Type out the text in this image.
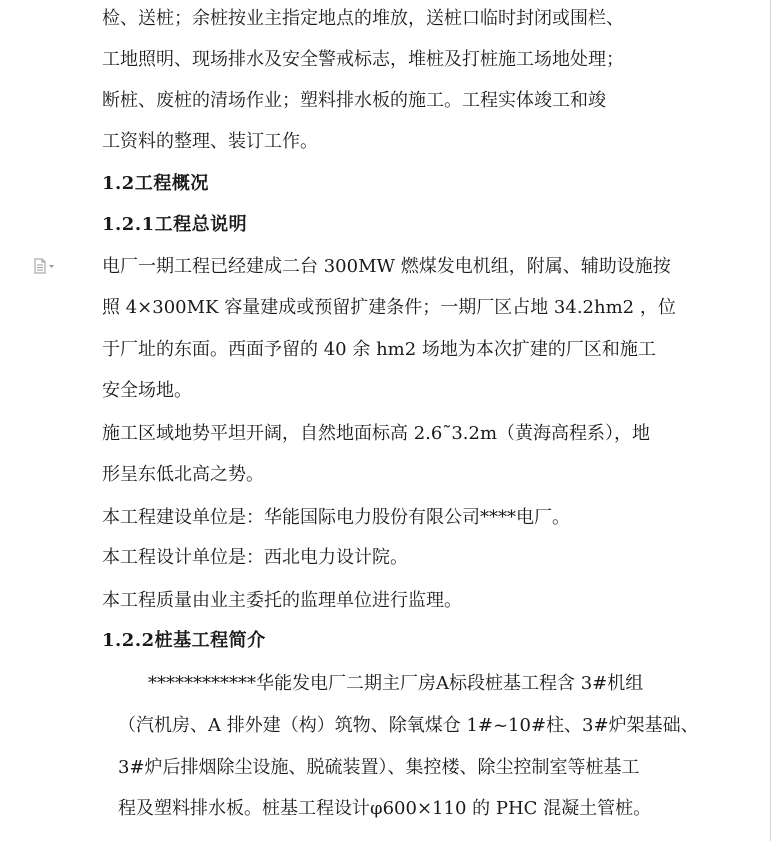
检、送桩；余桩按业主指定地点的堆放，送桩口临时封闭或围栏、
工地照明、现场排水及安全警戒标志，堆桩及打桩施工场地处理；
断桩、废桩的清场作业；塑料排水板的施工。工程实体竣工和竣
工资料的整理、装订工作。
1.2工程概况
1.2.1工程总说明
电厂一期工程已经建成二台 300MW 燃煤发电机组，附属、辅助设施按
照 4×300MK 容量建成或预留扩建条件；一期厂区占地 34.2hm2 ，位
于厂址的东面。西面予留的 40 余 hm2 场地为本次扩建的厂区和施工
安全场地。
施工区域地势平坦开阔，自然地面标高 2.6˜3.2m（黄海高程系），地
形呈东低北高之势。
本工程建设单位是：华能国际电力股份有限公司****电厂。
本工程设计单位是：西北电力设计院。
本工程质量由业主委托的监理单位进行监理。
1.2.2桩基工程简介
************华能发电厂二期主厂房A标段桩基工程含 3#机组
（汽机房、A 排外建（构）筑物、除氧煤仓 1#~10#柱、3#炉架基础、
3#炉后排烟除尘设施、脱硫装置）、集控楼、除尘控制室等桩基工
程及塑料排水板。桩基工程设计φ600×110 的 PHC 混凝土管桩。
